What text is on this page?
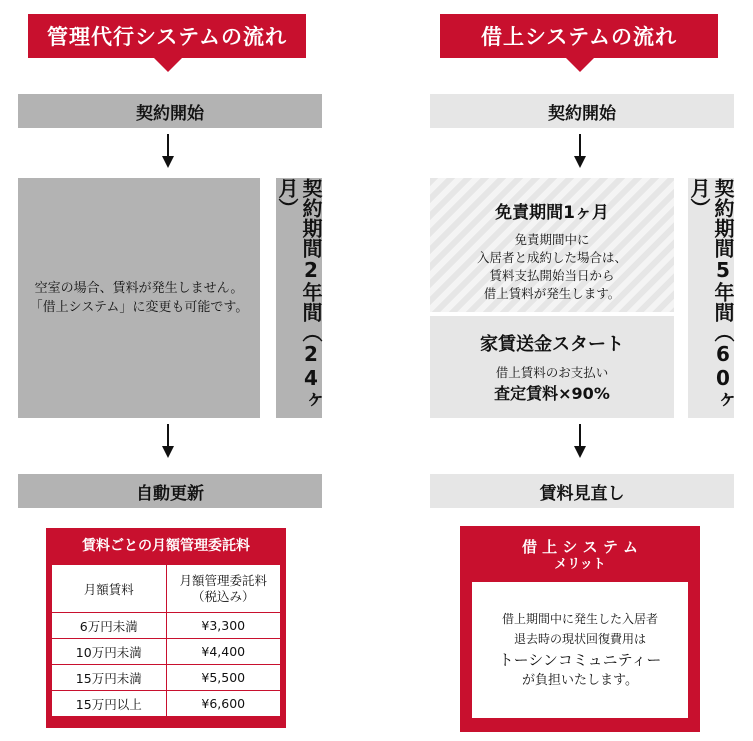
管理代行システムの流れ
契約開始
空室の場合、賃料が発生しません。
「借上システム」に変更も可能です。	契約期間2年間（24ヶ月）
自動更新
賃料ごとの月額管理委託料
月額賃料	月額管理委託料
（税込み）

6万円未満	¥3,300
10万円未満	¥4,400
15万円未満	¥5,500
15万円以上	¥6,600
借上システムの流れ
契約開始
免責期間1ヶ月
免責期間中に
入居者と成約した場合は、
賃料支払開始当日から
借上賃料が発生します。
家賃送金スタート
借上賃料のお支払い
査定賃料×90%	契約期間5年間（60ヶ月）
賃料見直し
借 上 シ ス テ ム
メリット
借上期間中に発生した入居者
退去時の現状回復費用は
トーシンコミュニティー
が負担いたします。
